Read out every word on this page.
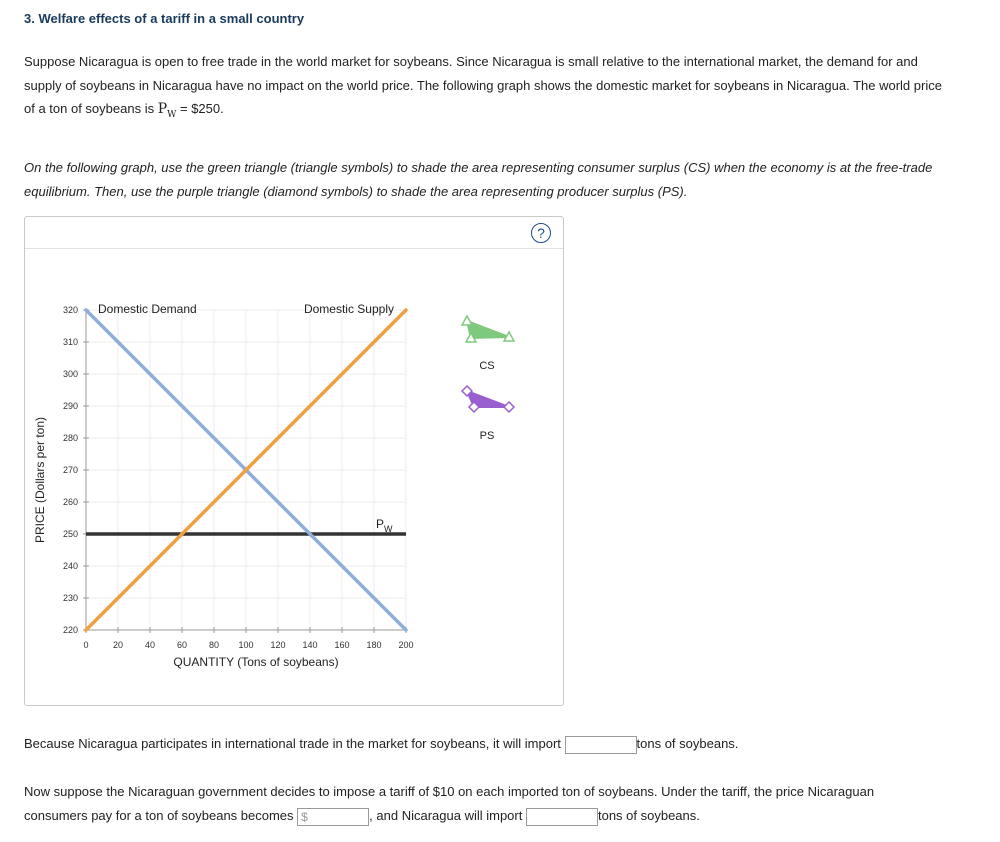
3. Welfare effects of a tariff in a small country

Suppose Nicaragua is open to free trade in the world market for soybeans. Since Nicaragua is small relative to the international market, the demand for and supply of soybeans in Nicaragua have no impact on the world price. The following graph shows the domestic market for soybeans in Nicaragua. The world price of a ton of soybeans is $P_W$ = $250.

On the following graph, use the green triangle (triangle symbols) to shade the area representing consumer surplus (CS) when the economy is at the free-trade equilibrium. Then, use the purple triangle (diamond symbols) to shade the area representing producer surplus (PS).

?
220
230
240
250
260
270
280
290
300
310
320
0	20 40 60 80 100 120 140 160 180 200
QUANTITY (Tons of soybeans)
PRICE (Dollars per ton)	$P_W$
Domestic Demand	Domestic Supply
CS
PS

Because Nicaragua participates in international trade in the market for soybeans, it will import	tons of soybeans.

Now suppose the Nicaraguan government decides to impose a tariff of $10 on each imported ton of soybeans. Under the tariff, the price Nicaraguan

consumers pay for a ton of soybeans becomes $	, and Nicaragua will import	tons of soybeans.
